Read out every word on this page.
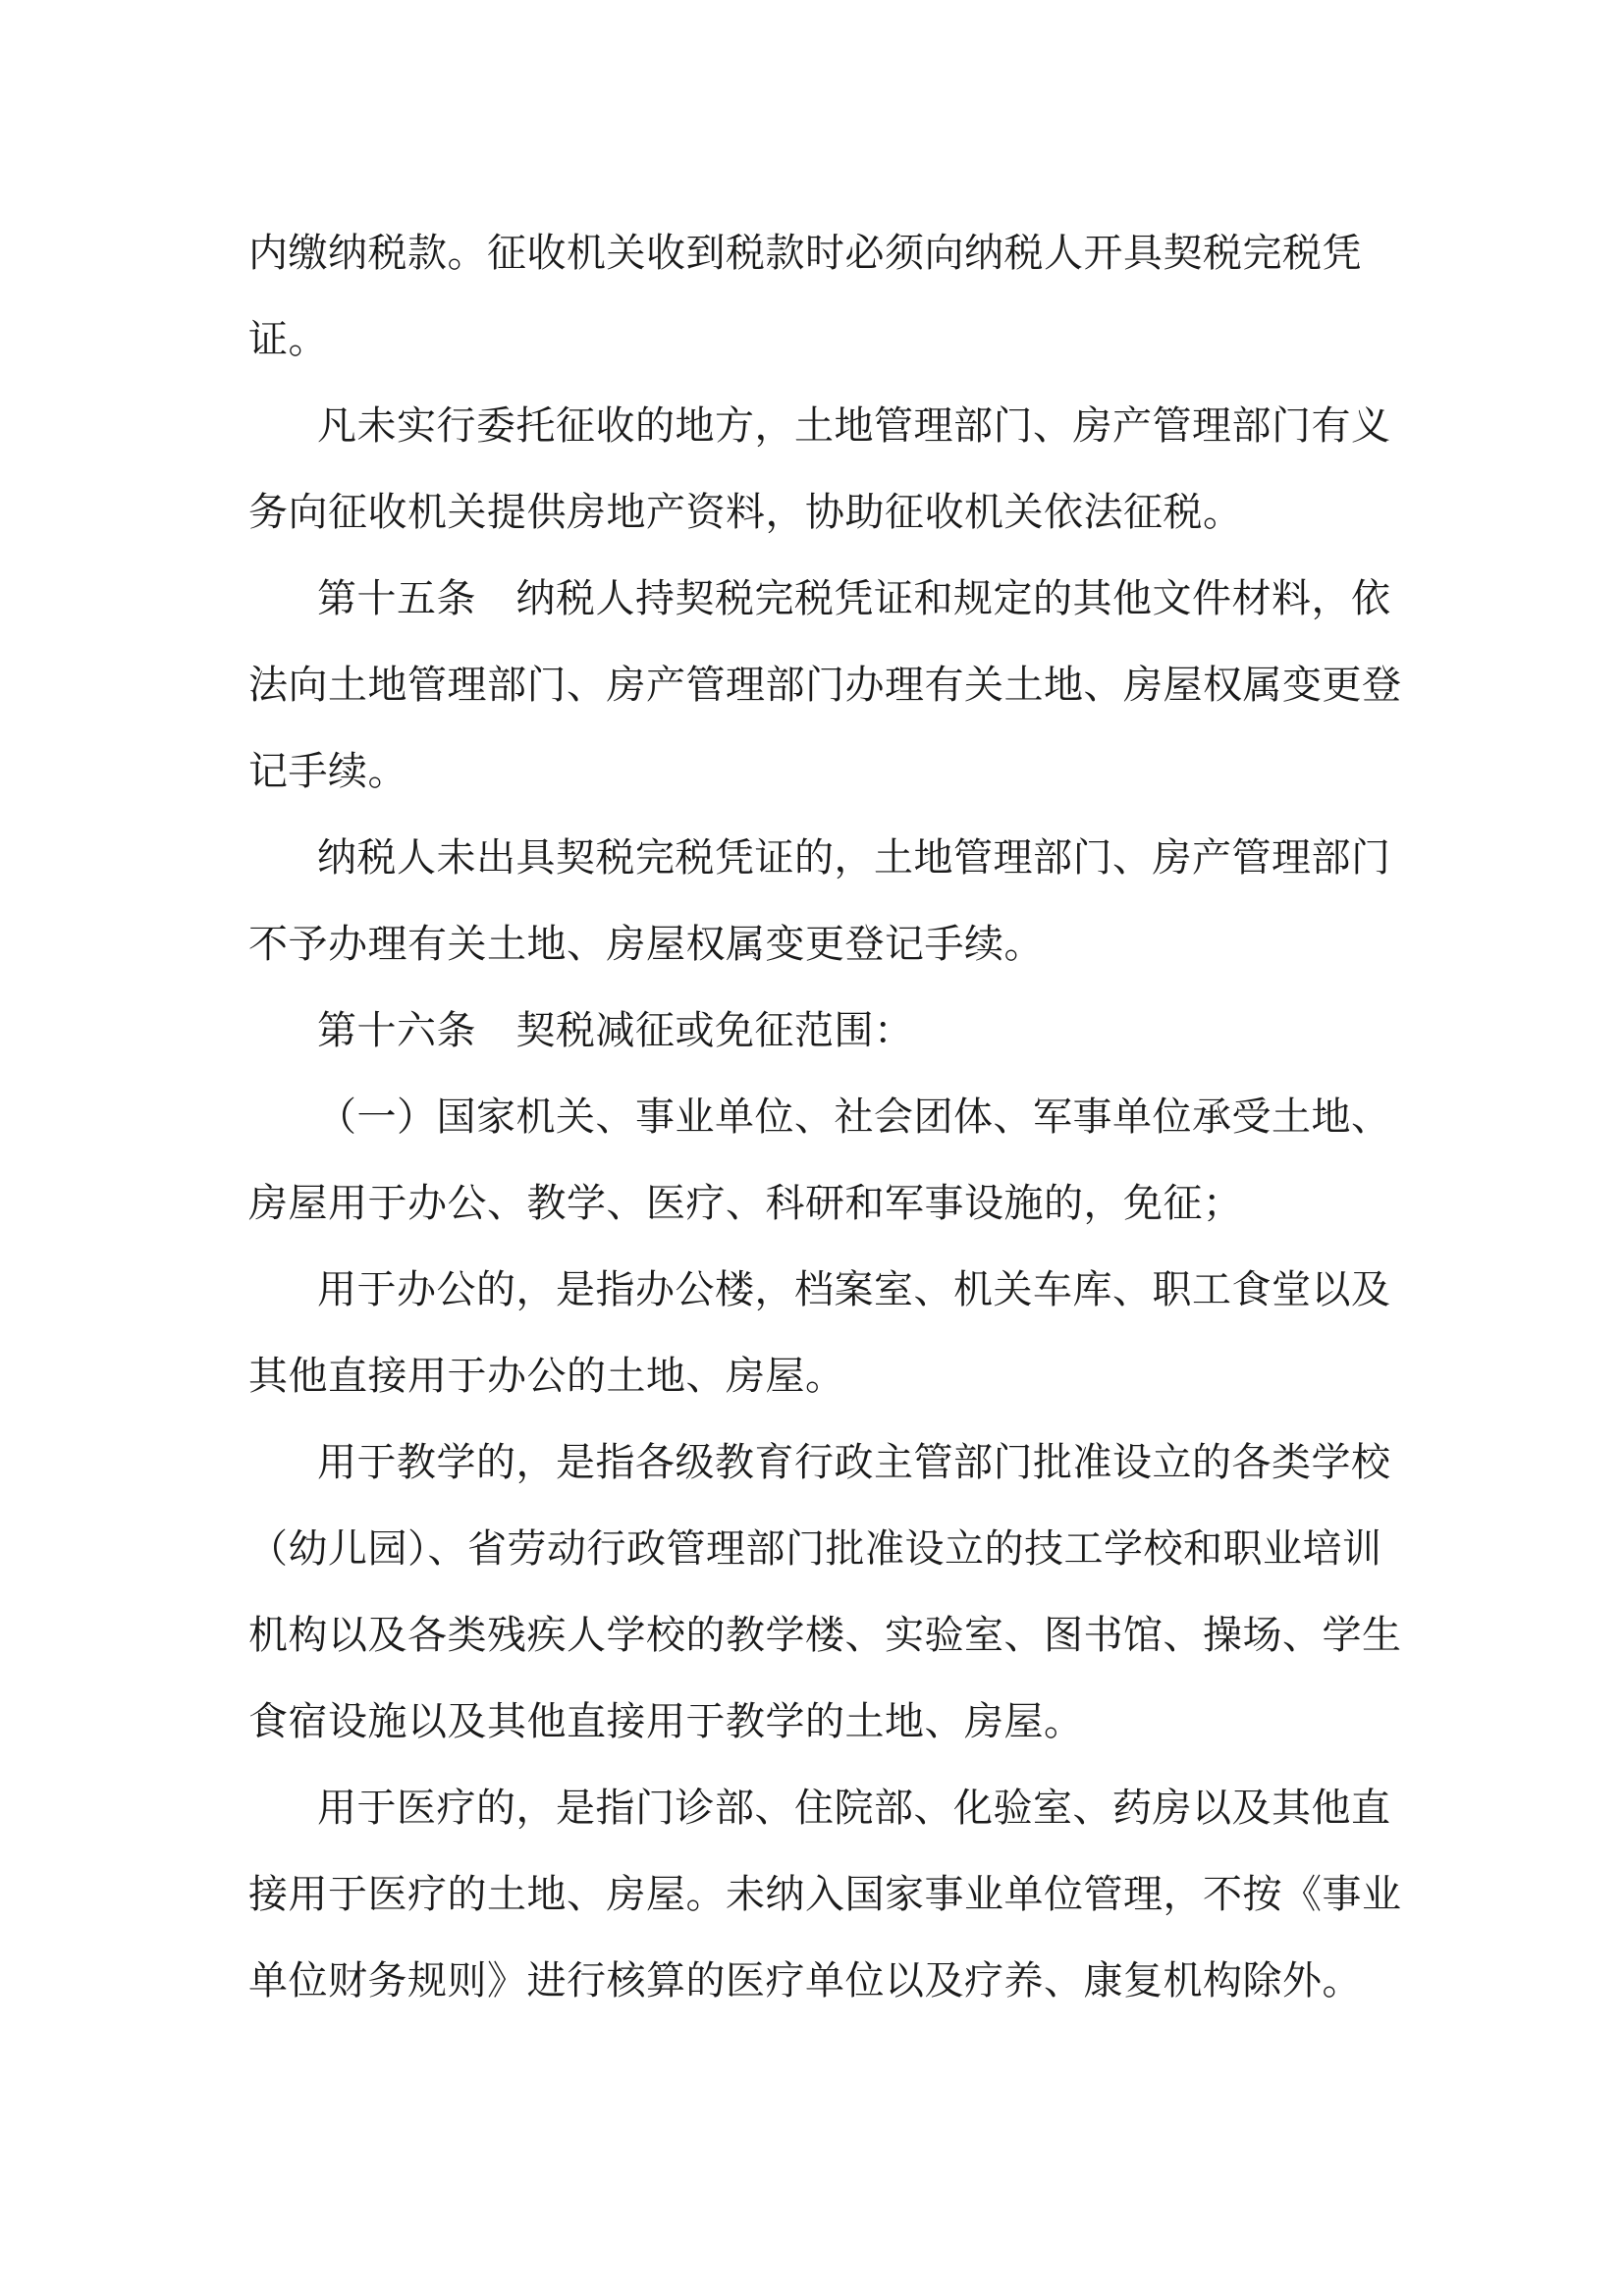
内缴纳税款。征收机关收到税款时必须向纳税人开具契税完税凭
证。
凡未实行委托征收的地方，土地管理部门、房产管理部门有义
务向征收机关提供房地产资料，协助征收机关依法征税。
第十五条　纳税人持契税完税凭证和规定的其他文件材料，依
法向土地管理部门、房产管理部门办理有关土地、房屋权属变更登
记手续。
纳税人未出具契税完税凭证的，土地管理部门、房产管理部门
不予办理有关土地、房屋权属变更登记手续。
第十六条　契税减征或免征范围：
（一）国家机关、事业单位、社会团体、军事单位承受土地、
房屋用于办公、教学、医疗、科研和军事设施的，免征；
用于办公的，是指办公楼，档案室、机关车库、职工食堂以及
其他直接用于办公的土地、房屋。
用于教学的，是指各级教育行政主管部门批准设立的各类学校
（幼儿园）、省劳动行政管理部门批准设立的技工学校和职业培训
机构以及各类残疾人学校的教学楼、实验室、图书馆、操场、学生
食宿设施以及其他直接用于教学的土地、房屋。
用于医疗的，是指门诊部、住院部、化验室、药房以及其他直
接用于医疗的土地、房屋。未纳入国家事业单位管理，不按《事业
单位财务规则》进行核算的医疗单位以及疗养、康复机构除外。
